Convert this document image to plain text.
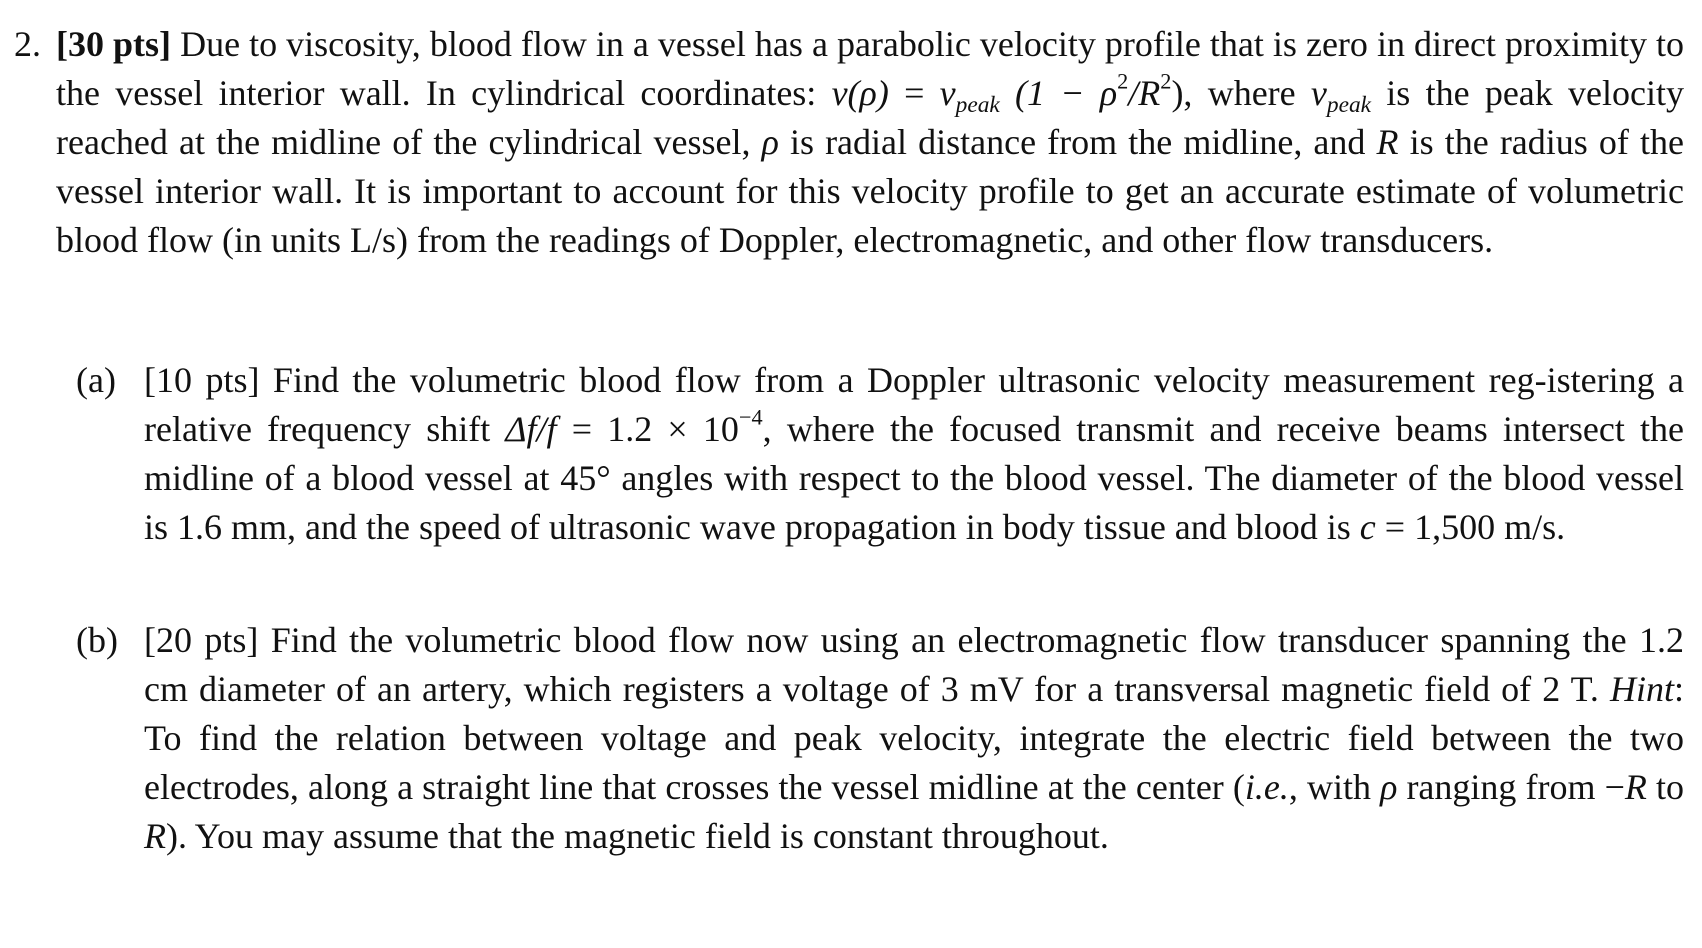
2. [30 pts] Due to viscosity, blood flow in a vessel has a parabolic velocity profile that is zero in direct proximity to the vessel interior wall. In cylindrical coordinates: $v(\rho) = v_{peak}$ $(1 - \rho^2/R^2)$, where $v_{peak}$ is the peak velocity reached at the midline of the cylindrical vessel, ρ is radial distance from the midline, and R is the radius of the vessel interior wall. It is important to account for this velocity profile to get an accurate estimate of volumetric blood flow (in units L/s) from the readings of Doppler, electromagnetic, and other flow transducers.
(a) [10 pts] Find the volumetric blood flow from a Doppler ultrasonic velocity measurement reg-istering a relative frequency shift $\Delta f/f = 1.2 \times 10^{-4}$, where the focused transmit and receive beams intersect the midline of a blood vessel at 45° angles with respect to the blood vessel. The diameter of the blood vessel is 1.6 mm, and the speed of ultrasonic wave propagation in body tissue and blood is c = 1,500 m/s.
(b) [20 pts] Find the volumetric blood flow now using an electromagnetic flow transducer spanning the 1.2 cm diameter of an artery, which registers a voltage of 3 mV for a transversal magnetic field of 2 T. Hint: To find the relation between voltage and peak velocity, integrate the electric field between the two electrodes, along a straight line that crosses the vessel midline at the center (i.e., with ρ ranging from −R to R). You may assume that the magnetic field is constant throughout.
